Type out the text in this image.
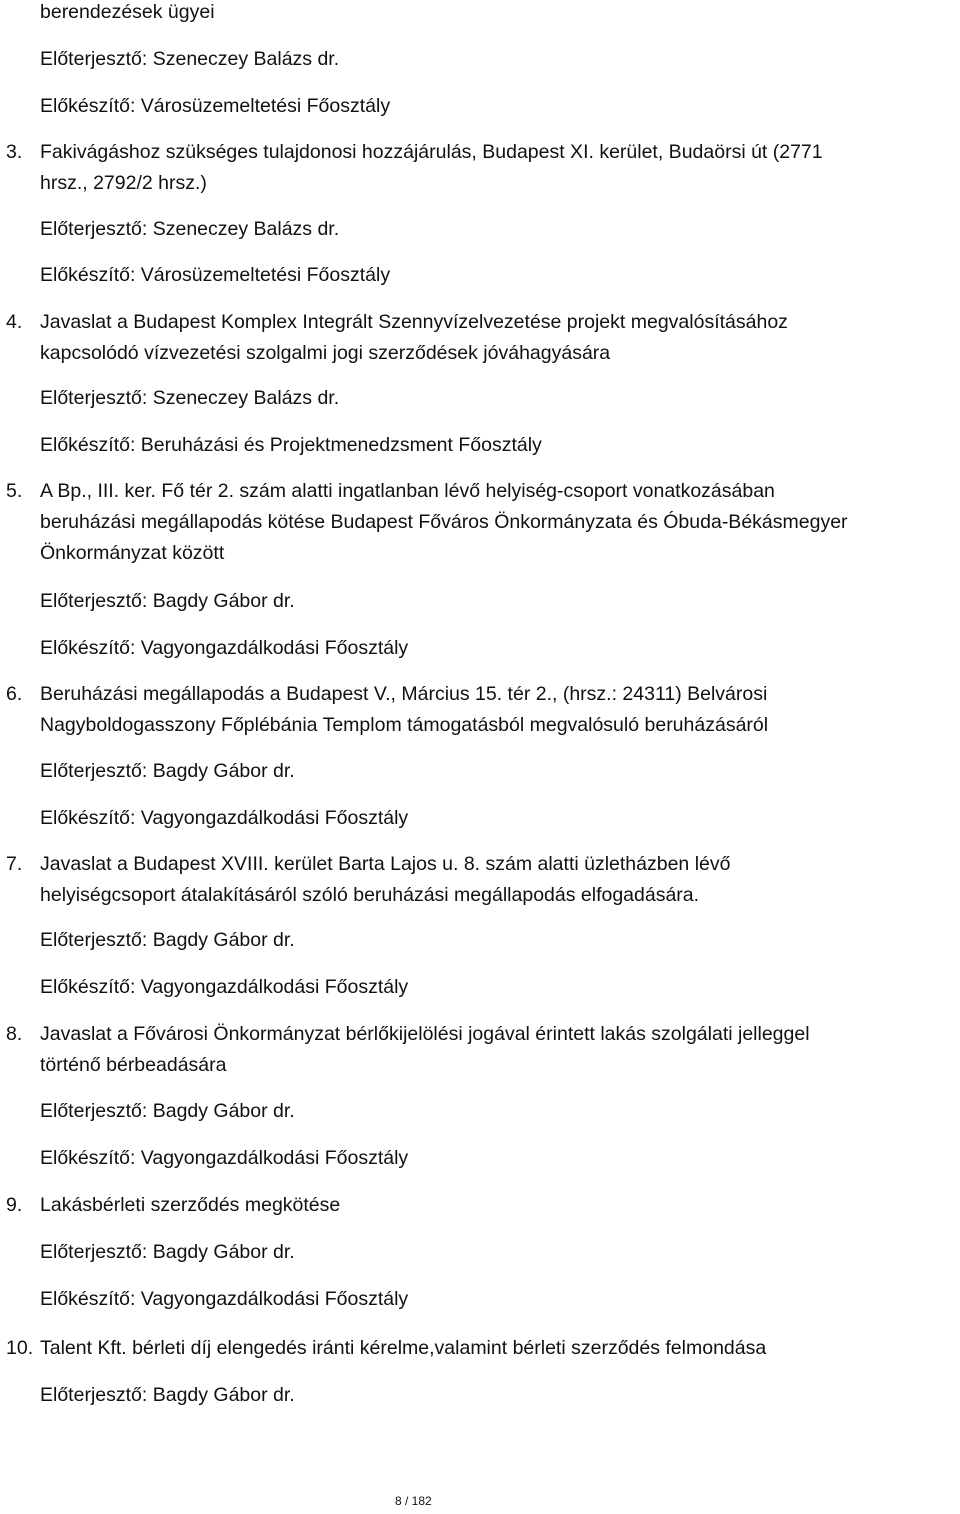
berendezések ügyei
Előterjesztő: Szeneczey Balázs dr.
Előkészítő: Városüzemeltetési Főosztály
3. Fakivágáshoz szükséges tulajdonosi hozzájárulás, Budapest XI. kerület, Budaörsi út (2771
hrsz., 2792/2 hrsz.)
Előterjesztő: Szeneczey Balázs dr.
Előkészítő: Városüzemeltetési Főosztály
4. Javaslat a Budapest Komplex Integrált Szennyvízelvezetése projekt megvalósításához
kapcsolódó vízvezetési szolgalmi jogi szerződések jóváhagyására
Előterjesztő: Szeneczey Balázs dr.
Előkészítő: Beruházási és Projektmenedzsment Főosztály
5. A Bp., III. ker. Fő tér 2. szám alatti ingatlanban lévő helyiség-csoport vonatkozásában
beruházási megállapodás kötése Budapest Főváros Önkormányzata és Óbuda-Békásmegyer
Önkormányzat között
Előterjesztő: Bagdy Gábor dr.
Előkészítő: Vagyongazdálkodási Főosztály
6. Beruházási megállapodás a Budapest V., Március 15. tér 2., (hrsz.: 24311) Belvárosi
Nagyboldogasszony Főplébánia Templom támogatásból megvalósuló beruházásáról
Előterjesztő: Bagdy Gábor dr.
Előkészítő: Vagyongazdálkodási Főosztály
7. Javaslat a Budapest XVIII. kerület Barta Lajos u. 8. szám alatti üzletházben lévő
helyiségcsoport átalakításáról szóló beruházási megállapodás elfogadására.
Előterjesztő: Bagdy Gábor dr.
Előkészítő: Vagyongazdálkodási Főosztály
8. Javaslat a Fővárosi Önkormányzat bérlőkijelölési jogával érintett lakás szolgálati jelleggel
történő bérbeadására
Előterjesztő: Bagdy Gábor dr.
Előkészítő: Vagyongazdálkodási Főosztály
9. Lakásbérleti szerződés megkötése
Előterjesztő: Bagdy Gábor dr.
Előkészítő: Vagyongazdálkodási Főosztály
10. Talent Kft. bérleti díj elengedés iránti kérelme,valamint bérleti szerződés felmondása
Előterjesztő: Bagdy Gábor dr.
8 / 182
